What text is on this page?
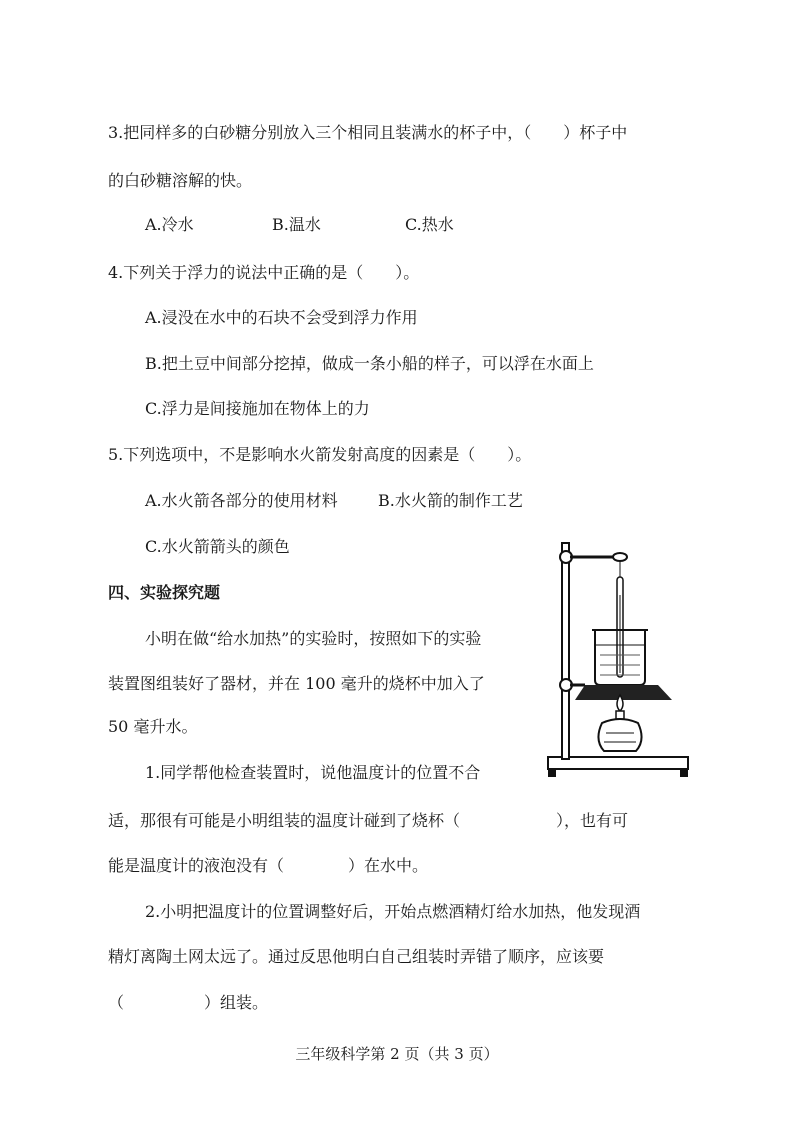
3.把同样多的白砂糖分别放入三个相同且装满水的杯子中，（　　）杯子中
的白砂糖溶解的快。
A.冷水	B.温水	C.热水
4.下列关于浮力的说法中正确的是（　　）。
A.浸没在水中的石块不会受到浮力作用
B.把土豆中间部分挖掉，做成一条小船的样子，可以浮在水面上
C.浮力是间接施加在物体上的力
5.下列选项中，不是影响水火箭发射高度的因素是（　　）。
A.水火箭各部分的使用材料	B.水火箭的制作工艺
C.水火箭箭头的颜色
四、实验探究题
小明在做“给水加热”的实验时，按照如下的实验
装置图组装好了器材，并在 100 毫升的烧杯中加入了
50 毫升水。
1.同学帮他检查装置时，说他温度计的位置不合
适，那很有可能是小明组装的温度计碰到了烧杯（　　　　　　），也有可
能是温度计的液泡没有（　　　　）在水中。
2.小明把温度计的位置调整好后，开始点燃酒精灯给水加热，他发现酒
精灯离陶土网太远了。通过反思他明白自己组装时弄错了顺序，应该要
（　　　　　）组装。
三年级科学第 2 页（共 3 页）
